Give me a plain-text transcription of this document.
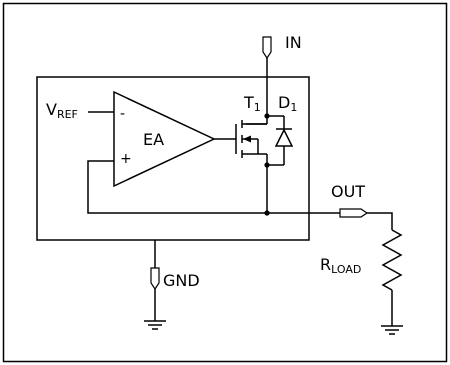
IN
VREF	-
+
EA
T1 D1
OUT
RLOAD
GND
